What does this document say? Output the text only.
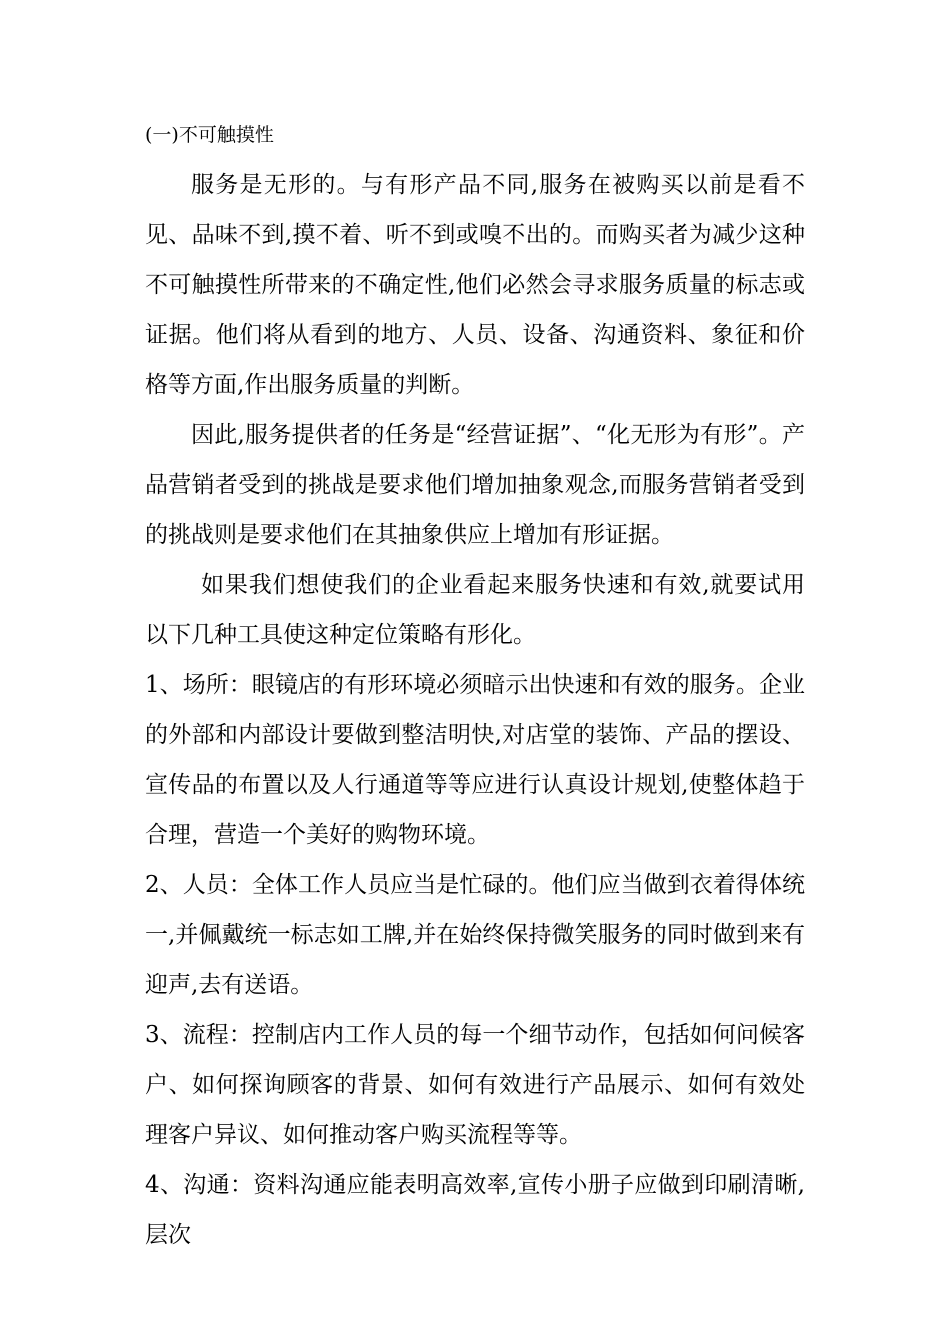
(一)不可触摸性

服务是无形的。与有形产品不同,服务在被购买以前是看不见、品味不到,摸不着、听不到或嗅不出的。而购买者为减少这种不可触摸性所带来的不确定性,他们必然会寻求服务质量的标志或证据。他们将从看到的地方、人员、设备、沟通资料、象征和价格等方面,作出服务质量的判断。

因此,服务提供者的任务是“经营证据”、“化无形为有形”。产品营销者受到的挑战是要求他们增加抽象观念,而服务营销者受到的挑战则是要求他们在其抽象供应上增加有形证据。

如果我们想使我们的企业看起来服务快速和有效,就要试用以下几种工具使这种定位策略有形化。

1、场所：眼镜店的有形环境必须暗示出快速和有效的服务。企业的外部和内部设计要做到整洁明快,对店堂的装饰、产品的摆设、宣传品的布置以及人行通道等等应进行认真设计规划,使整体趋于合理，营造一个美好的购物环境。

2、人员：全体工作人员应当是忙碌的。他们应当做到衣着得体统一,并佩戴统一标志如工牌,并在始终保持微笑服务的同时做到来有迎声,去有送语。

3、流程：控制店内工作人员的每一个细节动作，包括如何问候客户、如何探询顾客的背景、如何有效进行产品展示、如何有效处理客户异议、如何推动客户购买流程等等。

4、沟通：资料沟通应能表明高效率,宣传小册子应做到印刷清晰,层次
